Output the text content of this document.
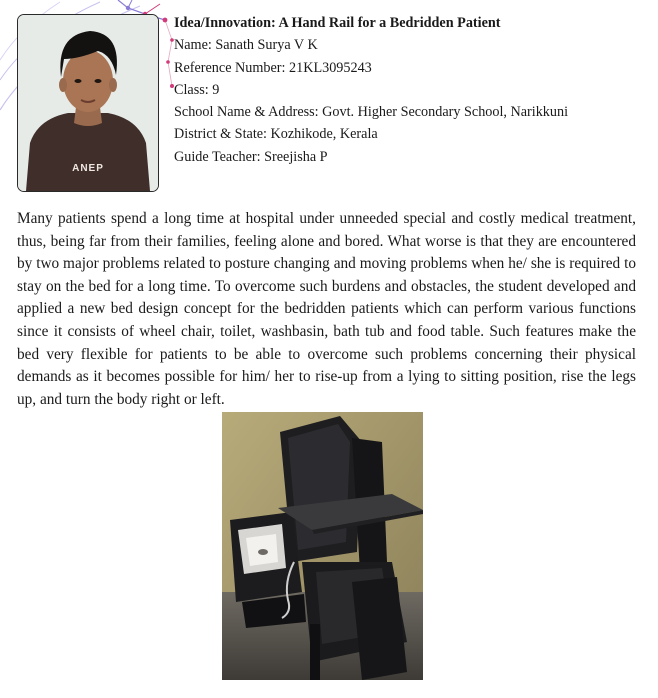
ANEP
Idea/Innovation: A Hand Rail for a Bedridden Patient
Name: Sanath Surya V K
Reference Number: 21KL3095243
Class: 9
School Name & Address: Govt. Higher Secondary School, Narikkuni
District & State: Kozhikode, Kerala
Guide Teacher: Sreejisha P

Many patients spend a long time at hospital under unneeded special and costly medical treatment, thus, being far from their families, feeling alone and bored. What worse is that they are encountered by two major problems related to posture changing and moving problems when he/ she is required to stay on the bed for a long time. To overcome such burdens and obstacles, the student developed and applied a new bed design concept for the bedridden patients which can perform various functions since it consists of wheel chair, toilet, washbasin, bath tub and food table. Such features make the bed very flexible for patients to be able to overcome such problems concerning their physical demands as it becomes possible for him/ her to rise-up from a lying to sitting position, rise the legs up, and turn the body right or left.
